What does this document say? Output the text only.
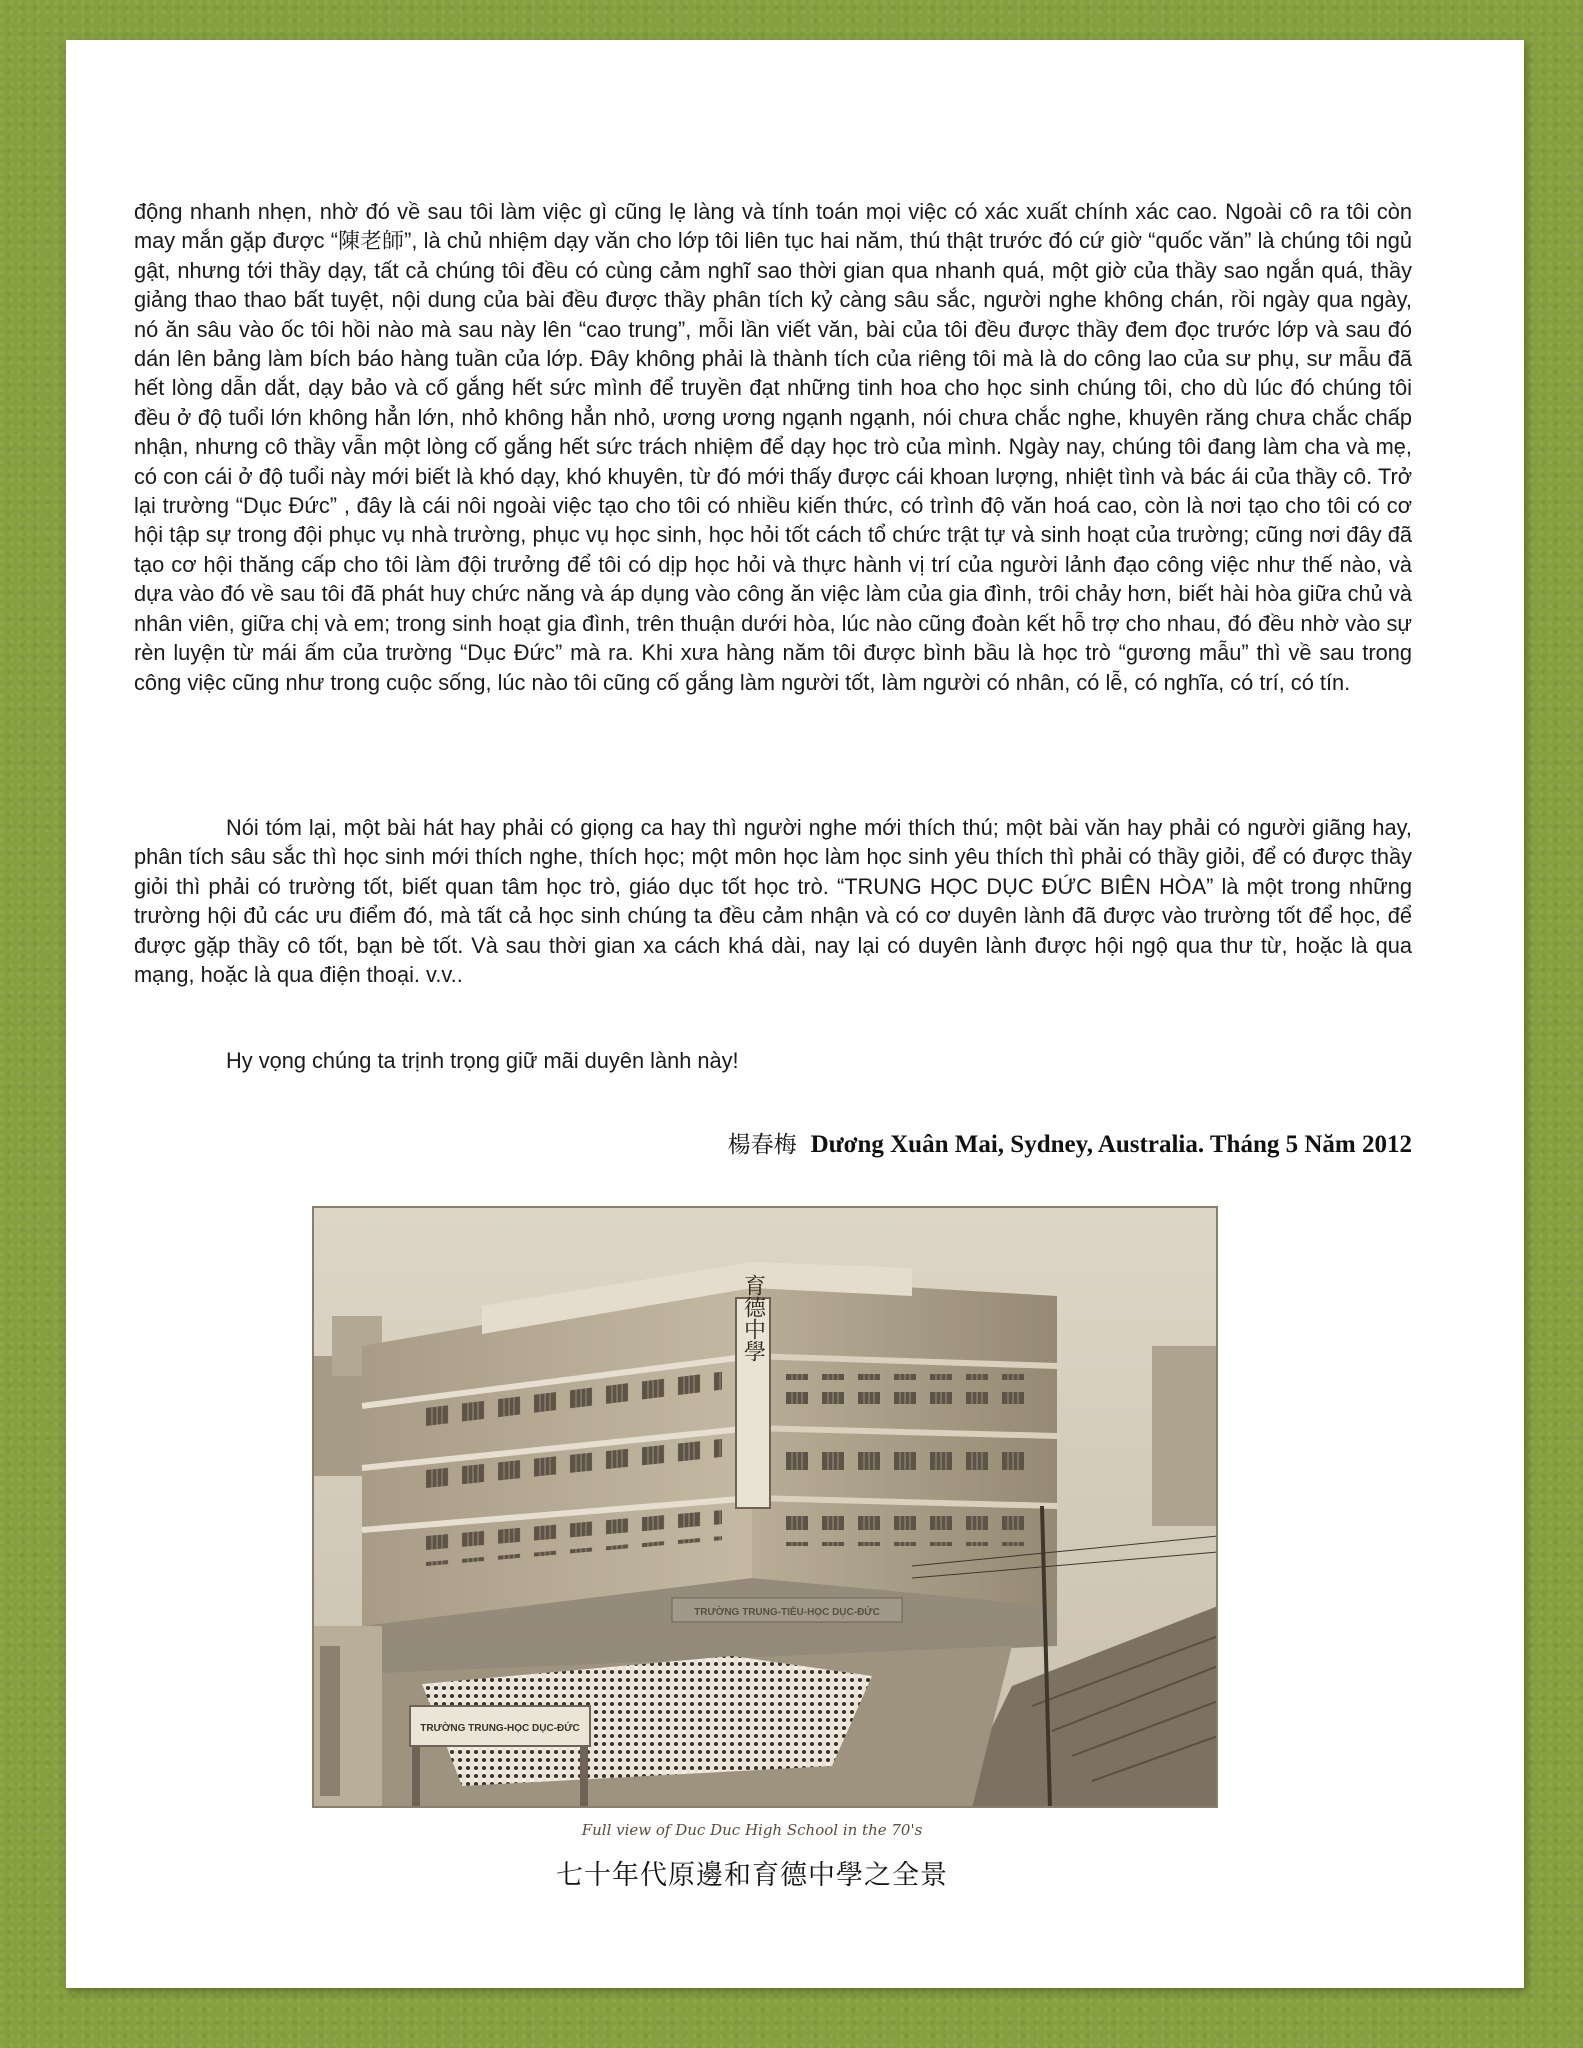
động nhanh nhẹn, nhờ đó về sau tôi làm việc gì cũng lẹ làng và tính toán mọi việc có xác xuất chính xác cao. Ngoài cô ra tôi còn may mắn gặp được “陳老師”, là chủ nhiệm dạy văn cho lớp tôi liên tục hai năm, thú thật trước đó cứ giờ “quốc văn” là chúng tôi ngủ gật, nhưng tới thầy dạy, tất cả chúng tôi đều có cùng cảm nghĩ sao thời gian qua nhanh quá, một giờ của thầy sao ngắn quá, thầy giảng thao thao bất tuyệt, nội dung của bài đều được thầy phân tích kỷ càng sâu sắc, người nghe không chán, rồi ngày qua ngày, nó ăn sâu vào ốc tôi hồi nào mà sau này lên “cao trung”, mỗi lần viết văn, bài của tôi đều được thầy đem đọc trước lớp và sau đó dán lên bảng làm bích báo hàng tuần của lớp. Đây không phải là thành tích của riêng tôi mà là do công lao của sư phụ, sư mẫu đã hết lòng dẫn dắt, dạy bảo và cố gắng hết sức mình để truyền đạt những tinh hoa cho học sinh chúng tôi, cho dù lúc đó chúng tôi đều ở độ tuổi lớn không hẳn lớn, nhỏ không hẳn nhỏ, ương ương ngạnh ngạnh, nói chưa chắc nghe, khuyên răng chưa chắc chấp nhận, nhưng cô thầy vẫn một lòng cố gắng hết sức trách nhiệm để dạy học trò của mình. Ngày nay, chúng tôi đang làm cha và mẹ, có con cái ở độ tuổi này mới biết là khó dạy, khó khuyên, từ đó mới thấy được cái khoan lượng, nhiệt tình và bác ái của thầy cô. Trở lại trường “Dục Đức” , đây là cái nôi ngoài việc tạo cho tôi có nhiều kiến thức, có trình độ văn hoá cao, còn là nơi tạo cho tôi có cơ hội tập sự trong đội phục vụ nhà trường, phục vụ học sinh, học hỏi tốt cách tổ chức trật tự và sinh hoạt của trường; cũng nơi đây đã tạo cơ hội thăng cấp cho tôi làm đội trưởng để tôi có dịp học hỏi và thực hành vị trí của người lảnh đạo công việc như thế nào, và dựa vào đó về sau tôi đã phát huy chức năng và áp dụng vào công ăn việc làm của gia đình, trôi chảy hơn, biết hài hòa giữa chủ và nhân viên, giữa chị và em; trong sinh hoạt gia đình, trên thuận dưới hòa, lúc nào cũng đoàn kết hỗ trợ cho nhau, đó đều nhờ vào sự rèn luyện từ mái ấm của trường “Dục Đức” mà ra. Khi xưa hàng năm tôi được bình bầu là học trò “gương mẫu” thì về sau trong công việc cũng như trong cuộc sống, lúc nào tôi cũng cố gắng làm người tốt, làm người có nhân, có lễ, có nghĩa, có trí, có tín.

Nói tóm lại, một bài hát hay phải có giọng ca hay thì người nghe mới thích thú; một bài văn hay phải có người giãng hay, phân tích sâu sắc thì học sinh mới thích nghe, thích học; một môn học làm học sinh yêu thích thì phải có thầy giỏi, để có được thầy giỏi thì phải có trường tốt, biết quan tâm học trò, giáo dục tốt học trò. “TRUNG HỌC DỤC ĐỨC BIÊN HÒA” là một trong những trường hội đủ các ưu điểm đó, mà tất cả học sinh chúng ta đều cảm nhận và có cơ duyên lành đã được vào trường tốt để học, để được gặp thầy cô tốt, bạn bè tốt. Và sau thời gian xa cách khá dài, nay lại có duyên lành được hội ngộ qua thư từ, hoặc là qua mạng, hoặc là qua điện thoại. v.v..

Hy vọng chúng ta trịnh trọng giữ mãi duyên lành này!

楊春梅 Dương Xuân Mai, Sydney, Australia. Tháng 5 Năm 2012
育德中學
TRƯỜNG TRUNG-HỌC DỤC-ĐỨC
Full view of Duc Duc High School in the 70's
七十年代原邊和育德中學之全景
